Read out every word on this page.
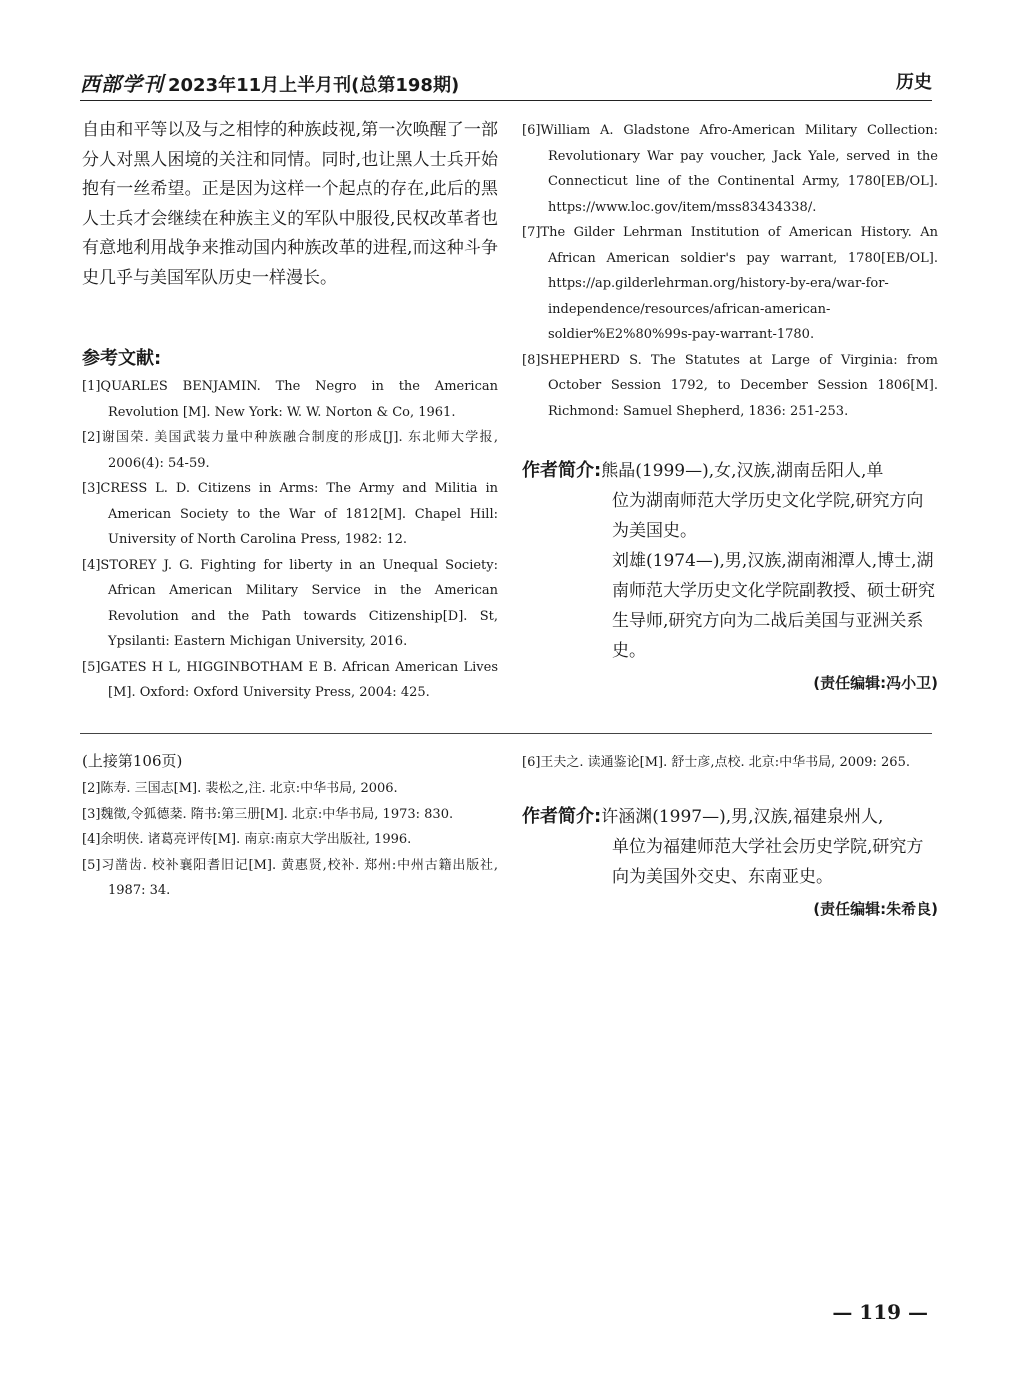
西部学刊 2023年11月上半月刊(总第198期)	历史

自由和平等以及与之相悖的种族歧视,第一次唤醒了一部分人对黑人困境的关注和同情。同时,也让黑人士兵开始抱有一丝希望。正是因为这样一个起点的存在,此后的黑人士兵才会继续在种族主义的军队中服役,民权改革者也有意地利用战争来推动国内种族改革的进程,而这种斗争史几乎与美国军队历史一样漫长。

参考文献:
[1]QUARLES BENJAMIN. The Negro in the American Revolution [M]. New York: W. W. Norton & Co, 1961.
[2]谢国荣. 美国武装力量中种族融合制度的形成[J]. 东北师大学报, 2006(4): 54-59.
[3]CRESS L. D. Citizens in Arms: The Army and Militia in American Society to the War of 1812[M]. Chapel Hill: University of North Carolina Press, 1982: 12.
[4]STOREY J. G. Fighting for liberty in an Unequal Society: African American Military Service in the American Revolution and the Path towards Citizenship[D]. St, Ypsilanti: Eastern Michigan University, 2016.
[5]GATES H L, HIGGINBOTHAM E B. African American Lives [M]. Oxford: Oxford University Press, 2004: 425.
[6]William A. Gladstone Afro-American Military Collection: Revolutionary War pay voucher, Jack Yale, served in the Connecticut line of the Continental Army, 1780[EB/OL]. https://www.loc.gov/item/mss83434338/.
[7]The Gilder Lehrman Institution of American History. An African American soldier's pay warrant, 1780[EB/OL]. https://ap.gilderlehrman.org/history-by-era/war-for-independence/resources/african-american-soldier%E2%80%99s-pay-warrant-1780.
[8]SHEPHERD S. The Statutes at Large of Virginia: from October Session 1792, to December Session 1806[M]. Richmond: Samuel Shepherd, 1836: 251-253.
作者简介:熊晶(1999—),女,汉族,湖南岳阳人,单
位为湖南师范大学历史文化学院,研究方向为美国史。
刘雄(1974—),男,汉族,湖南湘潭人,博士,湖南师范大学历史文化学院副教授、硕士研究生导师,研究方向为二战后美国与亚洲关系史。
(责任编辑:冯小卫)
(上接第106页)
[2]陈寿. 三国志[M]. 裴松之,注. 北京:中华书局, 2006.
[3]魏徵,令狐德棻. 隋书:第三册[M]. 北京:中华书局, 1973: 830.
[4]余明侠. 诸葛亮评传[M]. 南京:南京大学出版社, 1996.
[5]习凿齿. 校补襄阳耆旧记[M]. 黄惠贤,校补. 郑州:中州古籍出版社, 1987: 34.
[6]王夫之. 读通鉴论[M]. 舒士彦,点校. 北京:中华书局, 2009: 265.
作者简介:许涵渊(1997—),男,汉族,福建泉州人,
单位为福建师范大学社会历史学院,研究方向为美国外交史、东南亚史。
(责任编辑:朱希良)
— 119 —
